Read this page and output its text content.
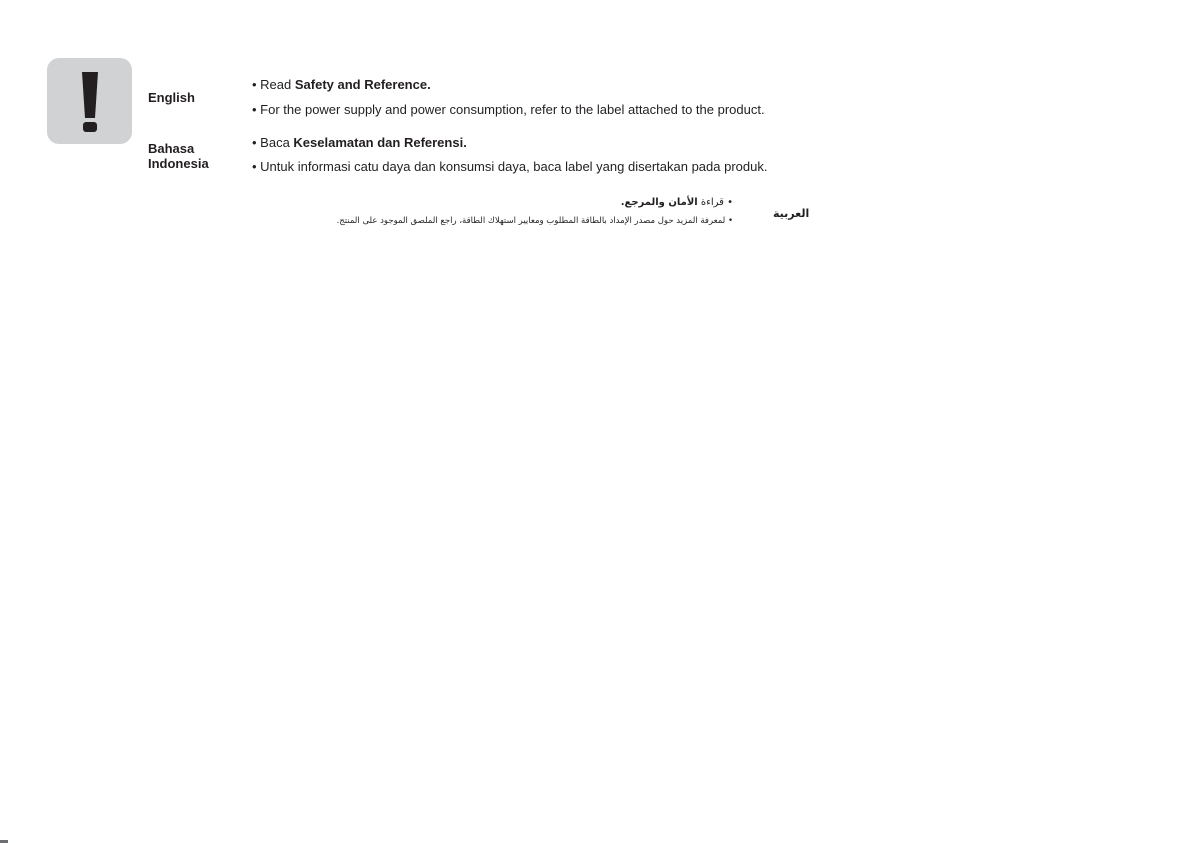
English
• Read Safety and Reference.
• For the power supply and power consumption, refer to the label attached to the product.
Bahasa Indonesia
• Baca Keselamatan dan Referensi.
• Untuk informasi catu daya dan konsumsi daya, baca label yang disertakan pada produk.
العربية
• قراءة الأمان والمرجع.
• لمعرفة المزيد حول مصدر الإمداد بالطاقة المطلوب ومعايير استهلاك الطاقة، راجع الملصق الموجود على المنتج.
